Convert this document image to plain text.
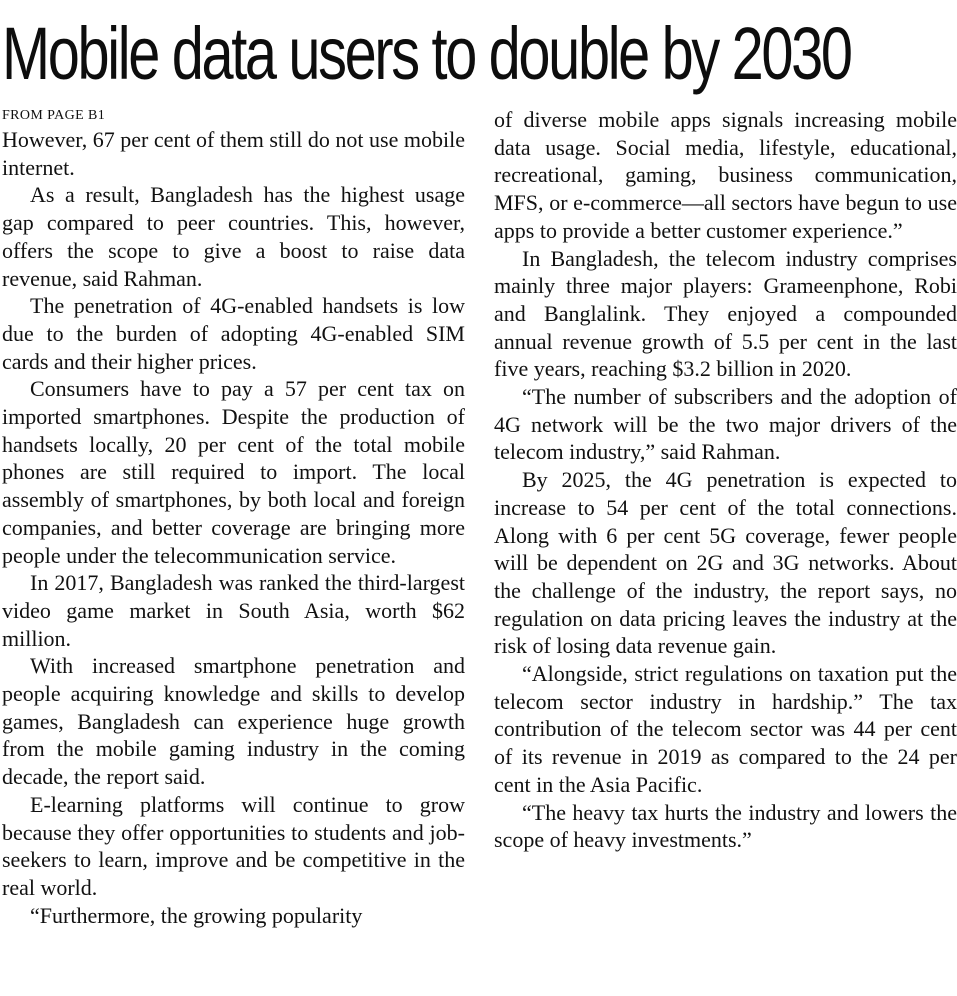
Mobile data users to double by 2030
FROM PAGE B1

However, 67 per cent of them still do not use mobile internet.

As a result, Bangladesh has the highest usage gap compared to peer countries. This, however, offers the scope to give a boost to raise data revenue, said Rahman.

The penetration of 4G-enabled handsets is low due to the burden of adopting 4G-enabled SIM cards and their higher prices.

Consumers have to pay a 57 per cent tax on imported smartphones. Despite the production of handsets locally, 20 per cent of the total mobile phones are still required to import. The local assembly of smartphones, by both local and foreign companies, and better coverage are bringing more people under the telecommunication service.

In 2017, Bangladesh was ranked the third-largest video game market in South Asia, worth $62 million.

With increased smartphone penetration and people acquiring knowledge and skills to develop games, Bangladesh can experience huge growth from the mobile gaming industry in the coming decade, the report said.

E-learning platforms will continue to grow because they offer opportunities to students and job-seekers to learn, improve and be competitive in the real world.

“Furthermore, the growing popularity

of diverse mobile apps signals increasing mobile data usage. Social media, lifestyle, educational, recreational, gaming, business communication, MFS, or e-commerce—all sectors have begun to use apps to provide a better customer experience.”

In Bangladesh, the telecom industry comprises mainly three major players: Grameenphone, Robi and Banglalink. They enjoyed a compounded annual revenue growth of 5.5 per cent in the last five years, reaching $3.2 billion in 2020.

“The number of subscribers and the adoption of 4G network will be the two major drivers of the telecom industry,” said Rahman.

By 2025, the 4G penetration is expected to increase to 54 per cent of the total connections. Along with 6 per cent 5G coverage, fewer people will be dependent on 2G and 3G networks. About the challenge of the industry, the report says, no regulation on data pricing leaves the industry at the risk of losing data revenue gain.

“Alongside, strict regulations on taxation put the telecom sector industry in hardship.” The tax contribution of the telecom sector was 44 per cent of its revenue in 2019 as compared to the 24 per cent in the Asia Pacific.

“The heavy tax hurts the industry and lowers the scope of heavy investments.”
